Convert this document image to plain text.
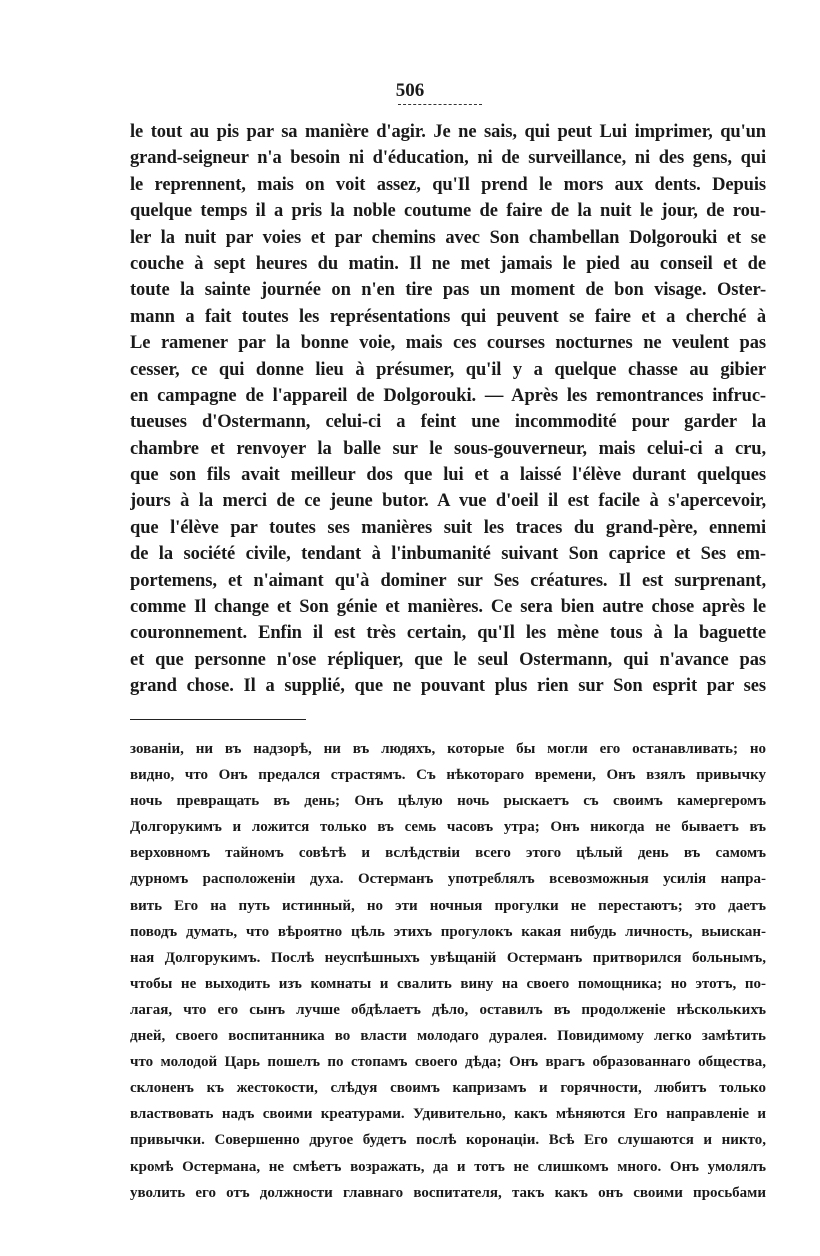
506
le tout au pis par sa manière d'agir. Je ne sais, qui peut Lui imprimer, qu'un
grand-seigneur n'a besoin ni d'éducation, ni de surveillance, ni des gens, qui
le reprennent, mais on voit assez, qu'Il prend le mors aux dents. Depuis
quelque temps il a pris la noble coutume de faire de la nuit le jour, de rou-
ler la nuit par voies et par chemins avec Son chambellan Dolgorouki et se
couche à sept heures du matin. Il ne met jamais le pied au conseil et de
toute la sainte journée on n'en tire pas un moment de bon visage. Oster-
mann a fait toutes les représentations qui peuvent se faire et a cherché à
Le ramener par la bonne voie, mais ces courses nocturnes ne veulent pas
cesser, ce qui donne lieu à présumer, qu'il y a quelque chasse au gibier
en campagne de l'appareil de Dolgorouki. — Après les remontrances infruc-
tueuses d'Ostermann, celui-ci a feint une incommodité pour garder la
chambre et renvoyer la balle sur le sous-gouverneur, mais celui-ci a cru,
que son fils avait meilleur dos que lui et a laissé l'élève durant quelques
jours à la merci de ce jeune butor. A vue d'oeil il est facile à s'apercevoir,
que l'élève par toutes ses manières suit les traces du grand-père, ennemi
de la société civile, tendant à l'inbumanité suivant Son caprice et Ses em-
portemens, et n'aimant qu'à dominer sur Ses créatures. Il est surprenant,
comme Il change et Son génie et manières. Ce sera bien autre chose après le
couronnement. Enfin il est très certain, qu'Il les mène tous à la baguette
et que personne n'ose répliquer, que le seul Ostermann, qui n'avance pas
grand chose. Il a supplié, que ne pouvant plus rien sur Son esprit par ses
зованіи, ни въ надзорѣ, ни въ людяхъ, которые бы могли его останавливать; но
видно, что Онъ предался страстямъ. Съ нѣкотораго времени, Онъ взялъ привычку
ночь превращать въ день; Онъ цѣлую ночь рыскаетъ съ своимъ камергеромъ
Долгорукимъ и ложится только въ семь часовъ утра; Онъ никогда не бываетъ въ
верховномъ тайномъ совѣтѣ и вслѣдствіи всего этого цѣлый день въ самомъ
дурномъ расположеніи духа. Остерманъ употреблялъ всевозможныя усилія напра-
вить Его на путь истинный, но эти ночныя прогулки не перестаютъ; это даетъ
поводъ думать, что вѣроятно цѣль этихъ прогулокъ какая нибудь личность, выискан-
ная Долгорукимъ. Послѣ неуспѣшныхъ увѣщаній Остерманъ притворился больнымъ,
чтобы не выходить изъ комнаты и свалить вину на своего помощника; но этотъ, по-
лагая, что его сынъ лучше обдѣлаетъ дѣло, оставилъ въ продолженіе нѣсколькихъ
дней, своего воспитанника во власти молодаго дуралея. Повидимому легко замѣтить
что молодой Царь пошелъ по стопамъ своего дѣда; Онъ врагъ образованнаго общества,
склоненъ къ жестокости, слѣдуя своимъ капризамъ и горячности, любитъ только
властвовать надъ своими креатурами. Удивительно, какъ мѣняются Его направленіе и
привычки. Совершенно другое будетъ послѣ коронаціи. Всѣ Его слушаются и никто,
кромѣ Остермана, не смѣетъ возражать, да и тотъ не слишкомъ много. Онъ умолялъ
уволить его отъ должности главнаго воспитателя, такъ какъ онъ своими просьбами
